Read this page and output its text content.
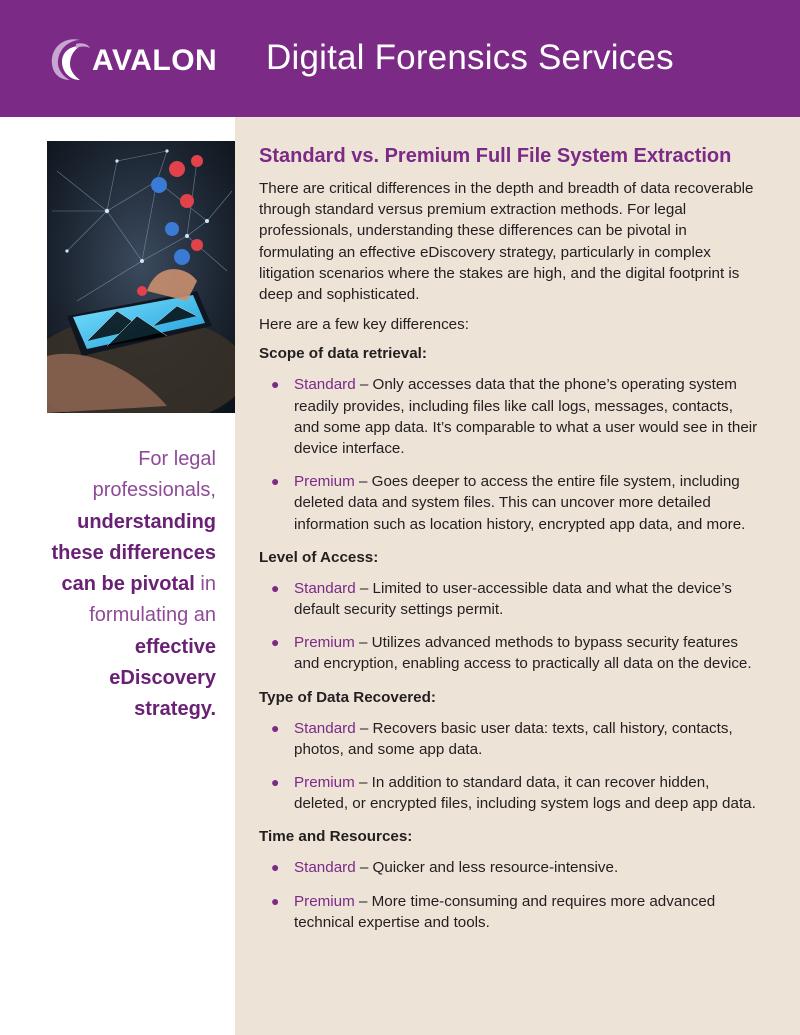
AVALON Digital Forensics Services
For legal professionals, understanding these differences can be pivotal in formulating an effective eDiscovery strategy.
Standard vs. Premium Full File System Extraction

There are critical differences in the depth and breadth of data recoverable through standard versus premium extraction methods. For legal professionals, understanding these differences can be pivotal in formulating an effective eDiscovery strategy, particularly in complex litigation scenarios where the stakes are high, and the digital footprint is deep and sophisticated.

Here are a few key differences:

Scope of data retrieval:
● Standard – Only accesses data that the phone’s operating system readily provides, including files like call logs, messages, contacts, and some app data. It’s comparable to what a user would see in their device interface.
● Premium – Goes deeper to access the entire file system, including deleted data and system files. This can uncover more detailed information such as location history, encrypted app data, and more.
Level of Access:
● Standard – Limited to user-accessible data and what the device’s default security settings permit.
● Premium – Utilizes advanced methods to bypass security features and encryption, enabling access to practically all data on the device.
Type of Data Recovered:
● Standard – Recovers basic user data: texts, call history, contacts, photos, and some app data.
● Premium – In addition to standard data, it can recover hidden, deleted, or encrypted files, including system logs and deep app data.
Time and Resources:
● Standard – Quicker and less resource-intensive.
● Premium – More time-consuming and requires more advanced technical expertise and tools.
